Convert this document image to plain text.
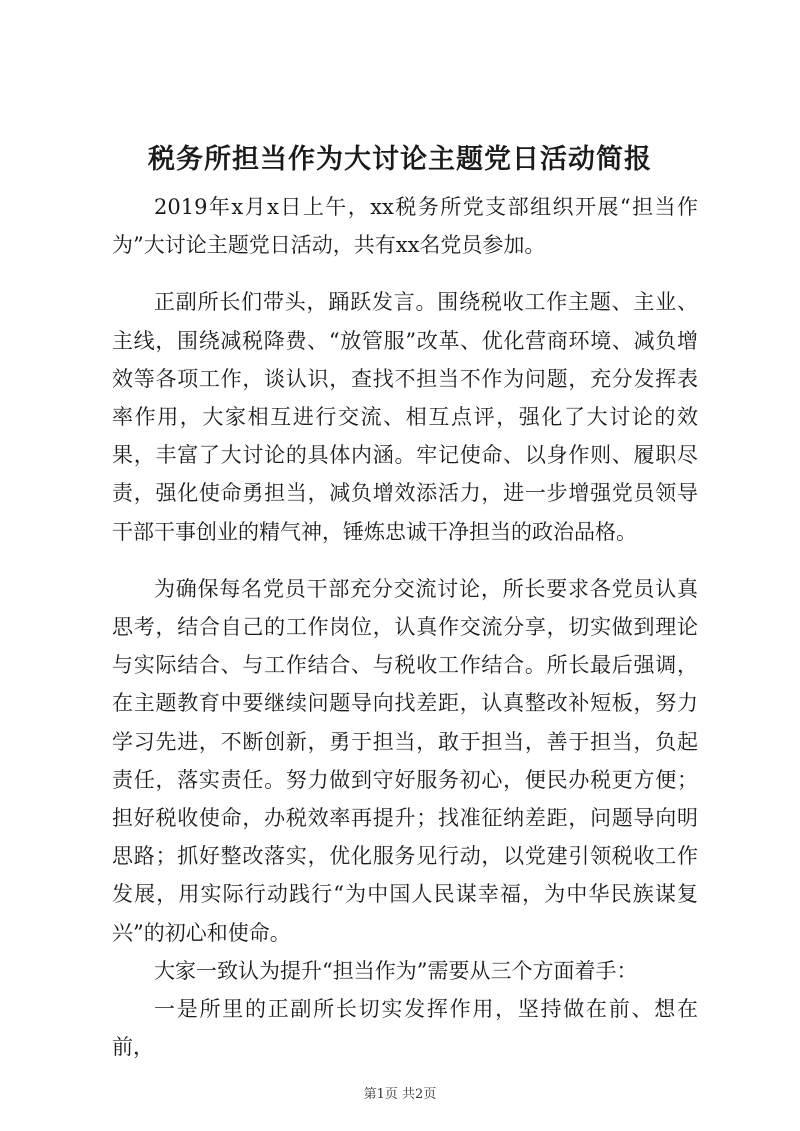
税务所担当作为大讨论主题党日活动简报

2019年x月x日上午，xx税务所党支部组织开展“担当作为”大讨论主题党日活动，共有xx名党员参加。

正副所长们带头，踊跃发言。围绕税收工作主题、主业、主线，围绕减税降费、“放管服”改革、优化营商环境、减负增效等各项工作，谈认识，查找不担当不作为问题，充分发挥表率作用，大家相互进行交流、相互点评，强化了大讨论的效果，丰富了大讨论的具体内涵。牢记使命、以身作则、履职尽责，强化使命勇担当，减负增效添活力，进一步增强党员领导干部干事创业的精气神，锤炼忠诚干净担当的政治品格。

为确保每名党员干部充分交流讨论，所长要求各党员认真思考，结合自己的工作岗位，认真作交流分享，切实做到理论与实际结合、与工作结合、与税收工作结合。所长最后强调，在主题教育中要继续问题导向找差距，认真整改补短板，努力学习先进，不断创新，勇于担当，敢于担当，善于担当，负起责任，落实责任。努力做到守好服务初心，便民办税更方便；担好税收使命，办税效率再提升；找准征纳差距，问题导向明思路；抓好整改落实，优化服务见行动，以党建引领税收工作发展，用实际行动践行“为中国人民谋幸福，为中华民族谋复兴”的初心和使命。

大家一致认为提升“担当作为”需要从三个方面着手：

一是所里的正副所长切实发挥作用，坚持做在前、想在前，

第1页 共2页
